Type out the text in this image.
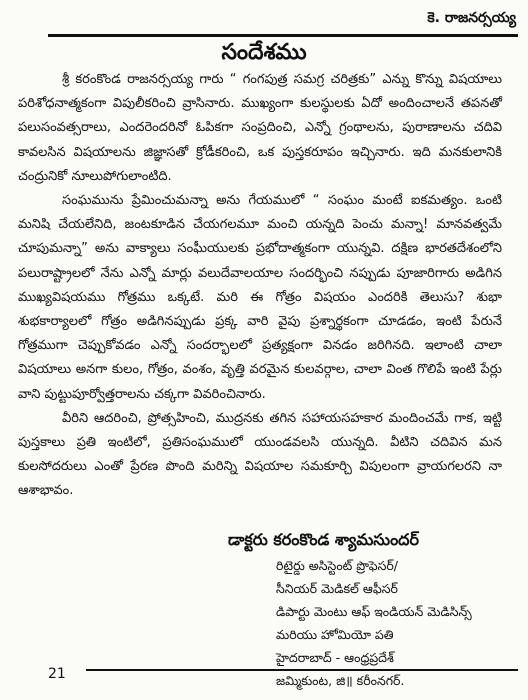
కె. రాజనర్సయ్య
సందేశము

శ్రీ కరంకొండ రాజనర్సయ్య గారు “ గంగపుత్ర సమగ్ర చరిత్రకు” ఎన్ను కొన్ను విషయాలు పరిశోధనాత్మకంగా విపులీకరించి వ్రాసినారు. ముఖ్యంగా కులస్థులకు ఏదో అందించాలనే తపనతో పలుసంవత్సరాలు, ఎందరెందరినో ఓపికగా సంప్రదించి, ఎన్నో గ్రంథాలను, పురాణాలను చదివి కావలసిన విషయాలను జిజ్ఞాసతో క్రోడీకరించి, ఒక పుస్తకరూపం ఇచ్చినారు. ఇది మనకులానికి చంద్రునికో నూలుపోగులాంటిది.

సంఘమును ప్రేమించుమన్నా అను గేయములో “ సంఘం మంటే ఐకమత్యం. ఒంటి మనిషి చేయలేనిది, జంటకూడిన చేయగలమూ మంచి యన్నది పెంచు మన్నా! మానవత్వమే చూపుమన్నా” అను వాక్యాలు సంఘీయులకు ప్రభోదాత్మకంగా యున్నవి. దక్షిణ భారతదేశంలోని పలురాష్ట్రాలలో నేను ఎన్నో మార్లు వలుదేవాలయాల సందర్భించి నప్పుడు పూజారిగారు అడిగిన ముఖ్యవిషయము గోత్రము ఒక్కటే. మరి ఈ గోత్రం విషయం ఎందరికి తెలుసు? శుభా శుభకార్యాలలో గోత్రం అడిగినప్పుడు ప్రక్క వారి వైపు ప్రశ్నార్థకంగా చూడడం, ఇంటి పేరునే గోత్రముగా చెప్పుకోవడం ఎన్నో సందర్భాలలో ప్రత్యక్షంగా వినడం జరిగినది. ఇలాంటి చాలా విషయాలు అనగా కులం, గోత్రం, వంశం, వృత్తి వరమైన కులవర్గాల, చాలా వింత గొలిపే ఇంటి పేర్లు వాని పుట్టుపూర్వోత్తరాలను చక్కగా వివరించినారు.

వీరిని ఆదరించి, ప్రోత్సహించి, ముద్రనకు తగిన సహాయసహకార మందించమే గాక, ఇట్టి పుస్తకాలు ప్రతి ఇంటిలో, ప్రతిసంఘములో యుండవలసి యున్నది. వీటిని చదివిన మన కులసోదరులు ఎంతో ప్రేరణ పొంది మరిన్ని విషయాల సమకూర్చి విపులంగా వ్రాయగలరని నా ఆశాభావం.

డాక్టరు కరంకొండ శ్యామసుందర్
రిటైర్డు అసిస్టెంట్ ప్రొఫెసర్/
సీనియర్ మెడికల్ ఆఫీసర్
డిపార్టు మెంటు ఆఫ్ ఇండియన్ మెడిసిన్స్
మరియు హోమియో పతి
హైదరాబాద్ - ఆంధ్రప్రదేశ్
జమ్మికుంట, జి॥ కరీంనగర్.
21
